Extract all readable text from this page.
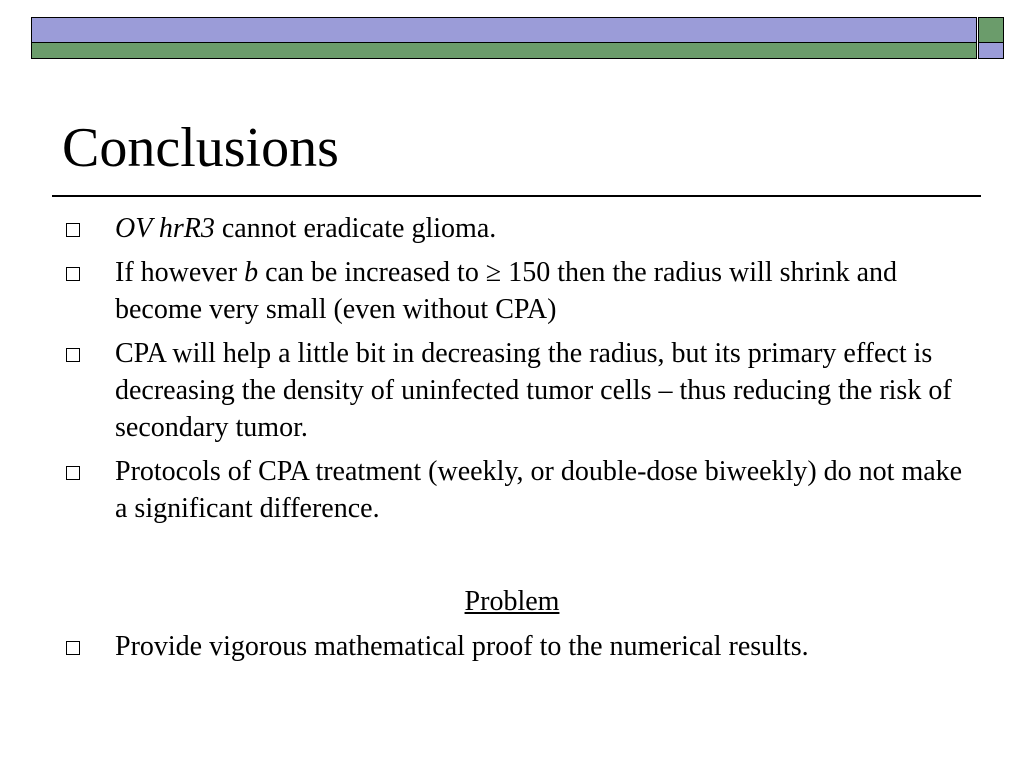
Conclusions
OV hrR3 cannot eradicate glioma.
If however b can be increased to ≥ 150 then the radius will shrink and become very small (even without CPA)
CPA will help a little bit in decreasing the radius, but its primary effect is decreasing the density of uninfected tumor cells – thus reducing the risk of secondary tumor.
Protocols of CPA treatment (weekly, or double-dose biweekly) do not make a significant difference.
Problem
Provide vigorous mathematical proof to the numerical results.
